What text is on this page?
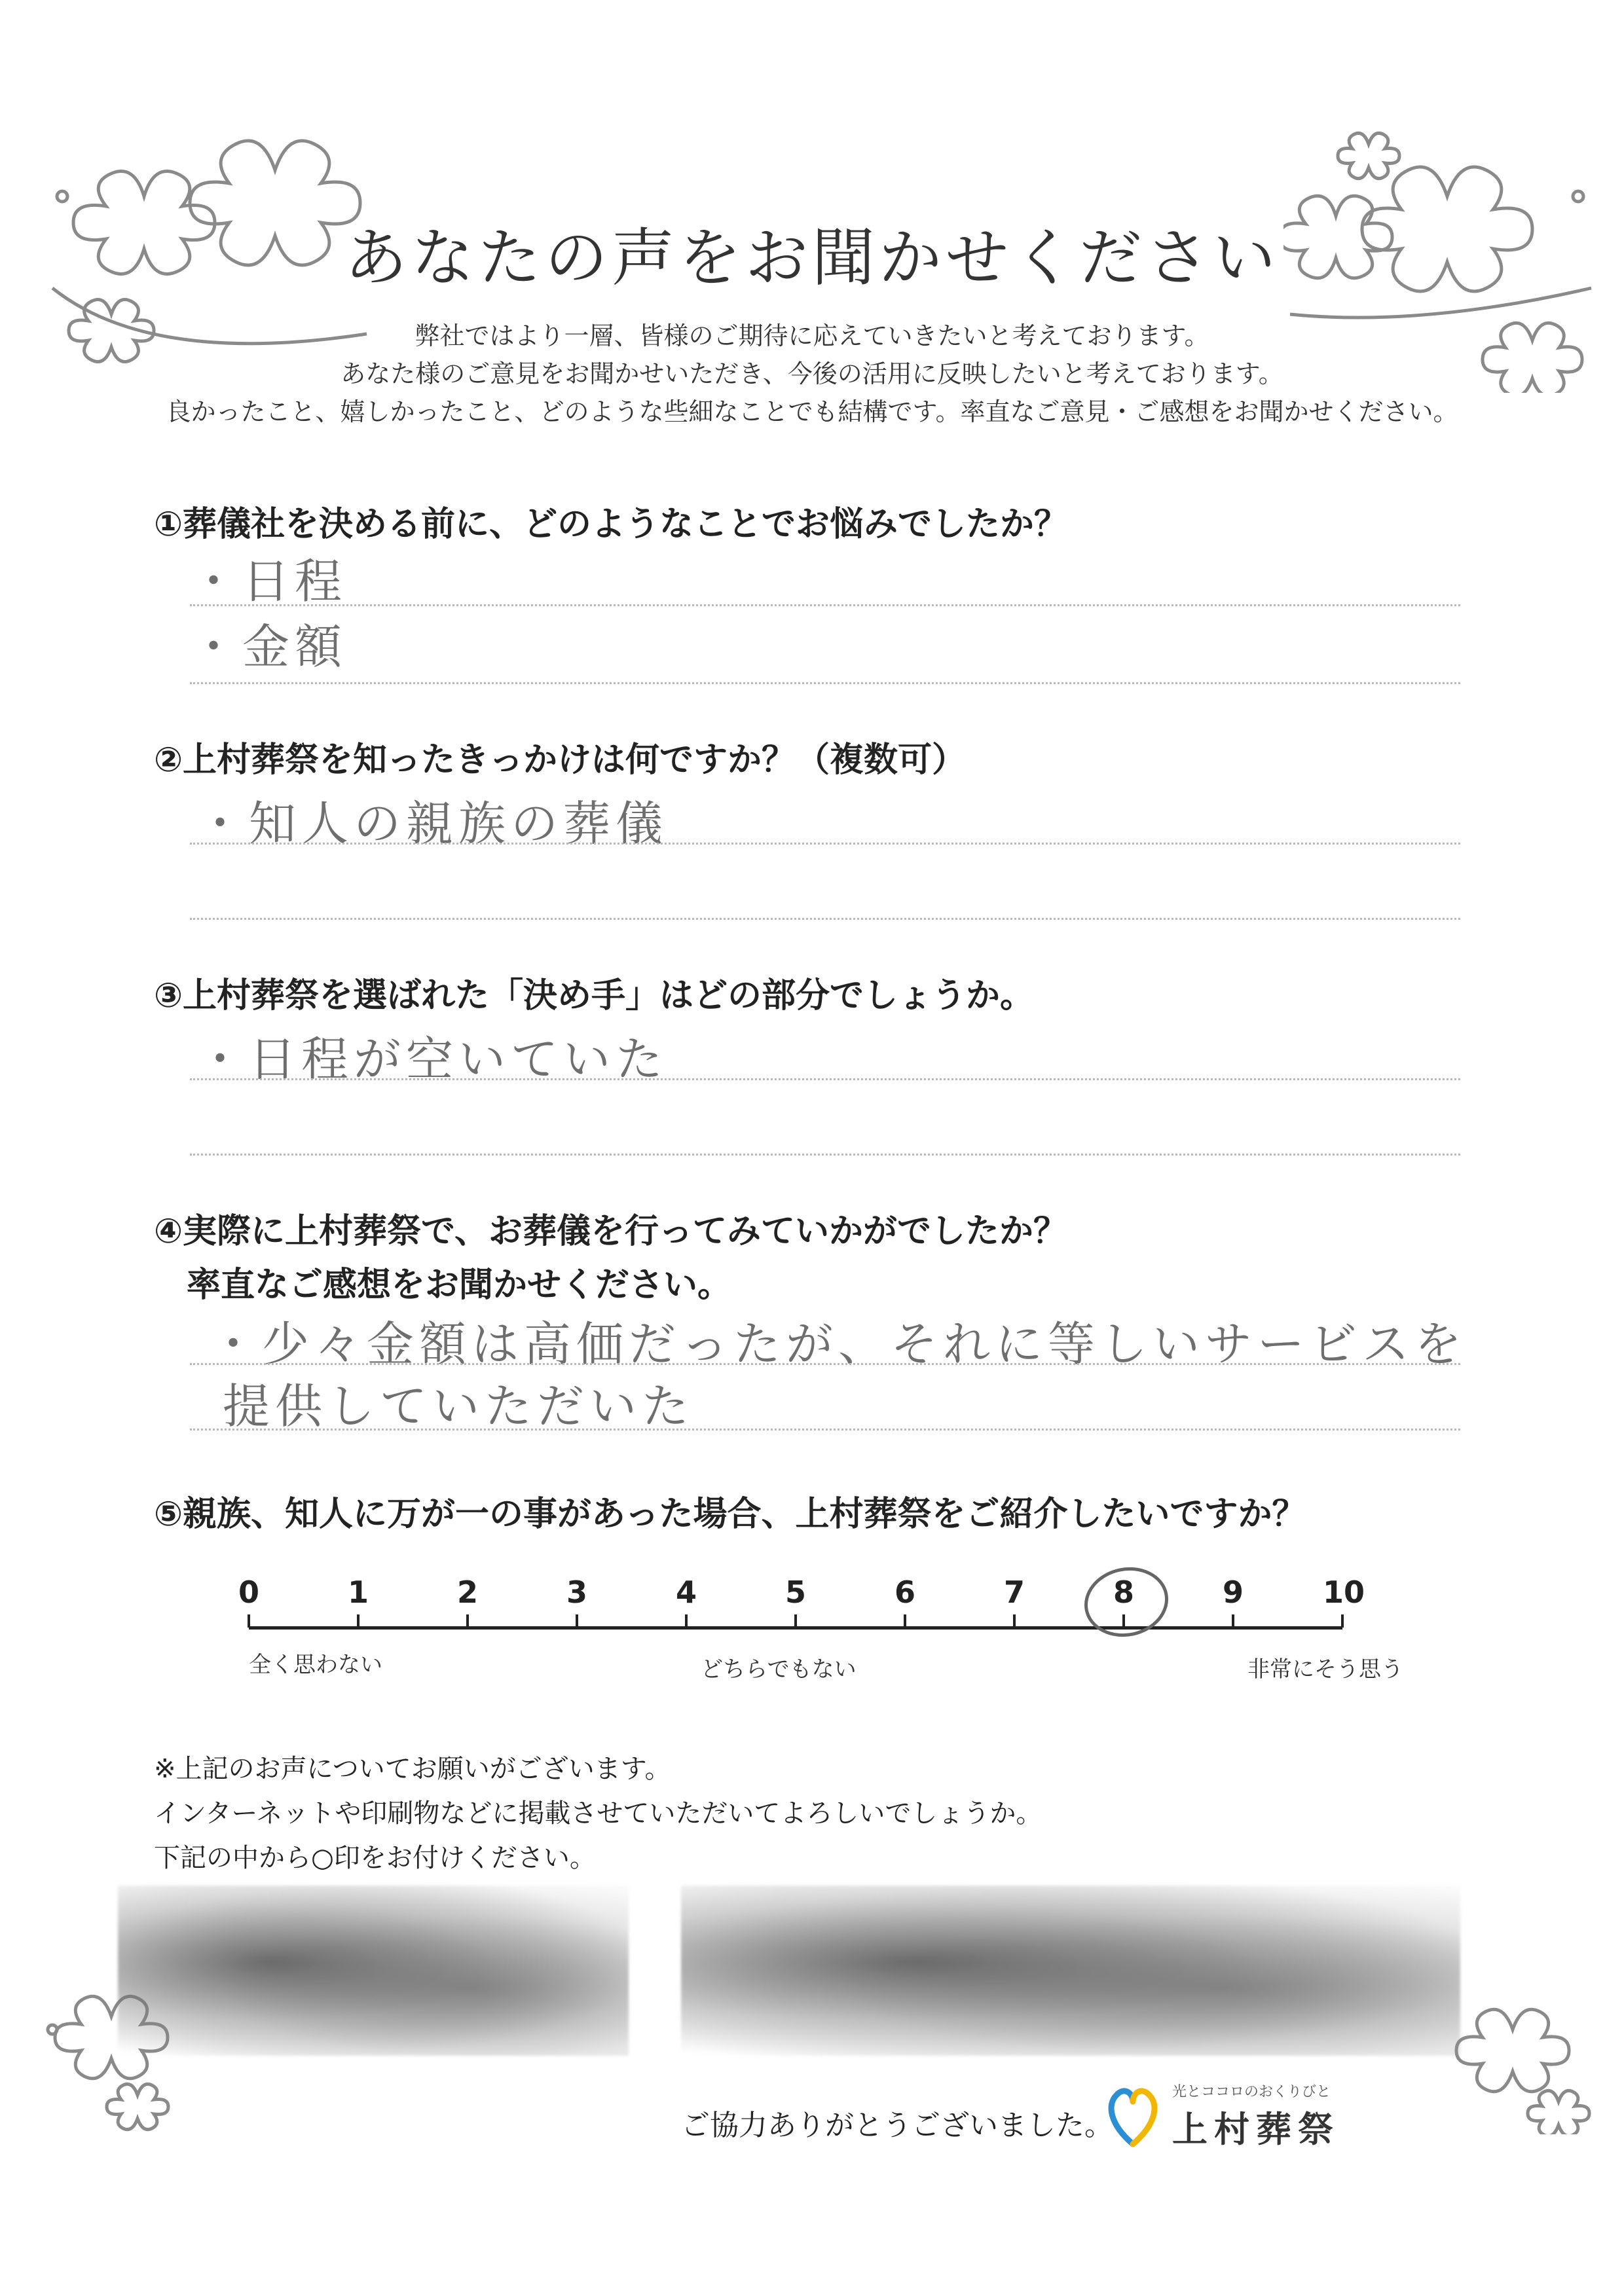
あなたの声をお聞かせください
弊社ではより一層、皆様のご期待に応えていきたいと考えております。
あなた様のご意見をお聞かせいただき、今後の活用に反映したいと考えております。
良かったこと、嬉しかったこと、どのような些細なことでも結構です。率直なご意見・ご感想をお聞かせください。
①葬儀社を決める前に、どのようなことでお悩みでしたか？
・日程
・金額
②上村葬祭を知ったきっかけは何ですか？（複数可）
・知人の親族の葬儀
③上村葬祭を選ばれた「決め手」はどの部分でしょうか。
・日程が空いていた
④実際に上村葬祭で、お葬儀を行ってみていかがでしたか？
率直なご感想をお聞かせください。
・少々金額は高価だったが、それに等しいサービスを
提供していただいた
⑤親族、知人に万が一の事があった場合、上村葬祭をご紹介したいですか？
0	1	2	3	4	5	6	7	8	9	10
全く思わない	どちらでもない	非常にそう思う
※上記のお声についてお願いがございます。
インターネットや印刷物などに掲載させていただいてよろしいでしょうか。
下記の中から○印をお付けください。
ご協力ありがとうございました。
光とココロのおくりびと
上村葬祭
